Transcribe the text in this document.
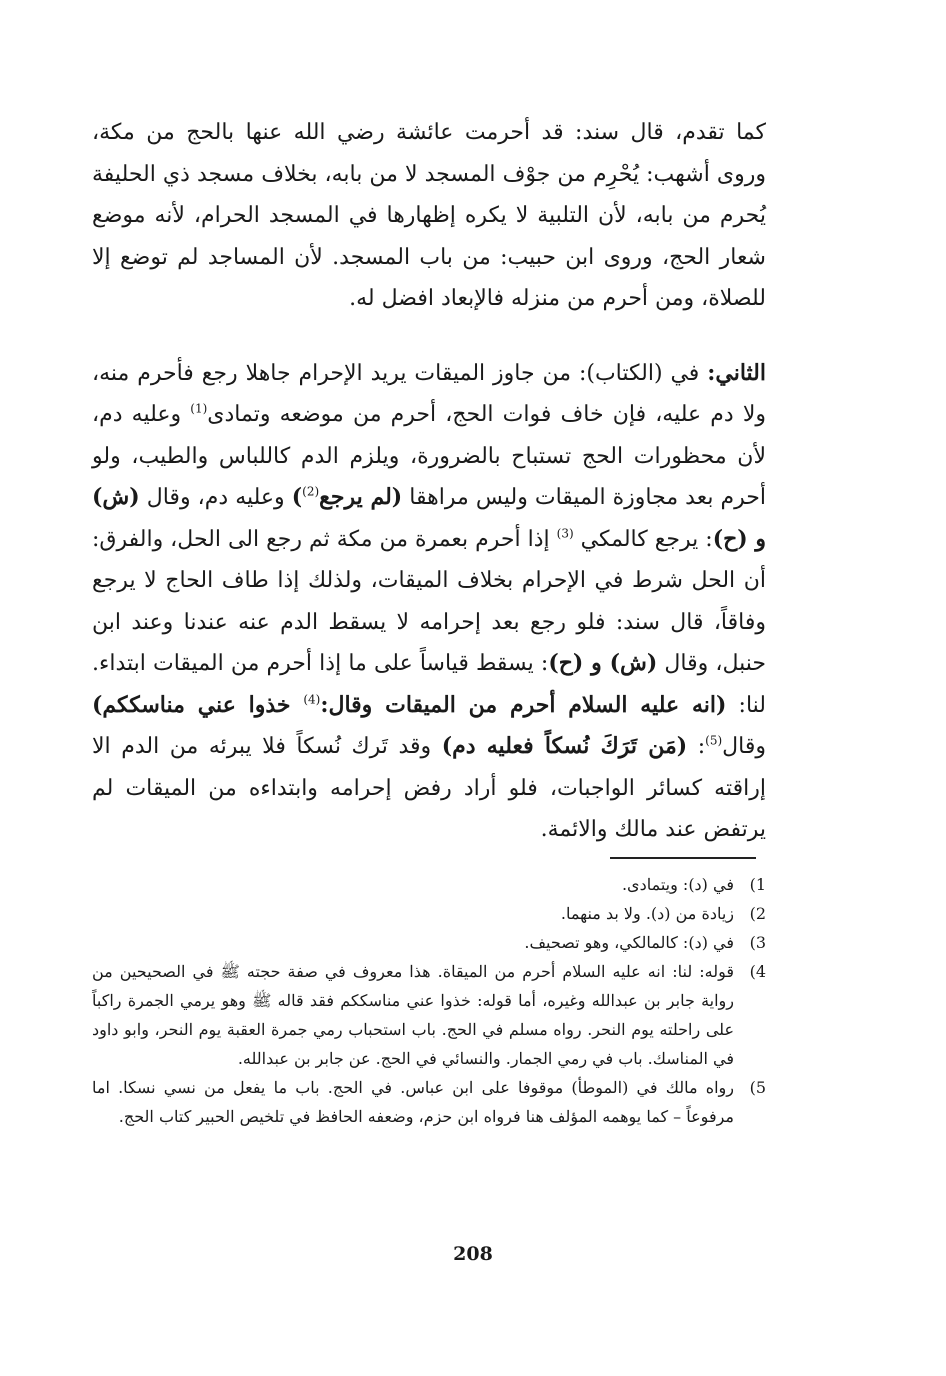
كما تقدم، قال سند: قد أحرمت عائشة رضي الله عنها بالحج من مكة، وروى أشهب: يُحْرِم من جوْف المسجد لا من بابه، بخلاف مسجد ذي الحليفة يُحرم من بابه، لأن التلبية لا يكره إظهارها في المسجد الحرام، لأنه موضع شعار الحج، وروى ابن حبيب: من باب المسجد. لأن المساجد لم توضع إلا للصلاة، ومن أحرم من منزله فالإبعاد افضل له.

الثاني: في (الكتاب): من جاوز الميقات يريد الإحرام جاهلا رجع فأحرم منه، ولا دم عليه، فإن خاف فوات الحج، أحرم من موضعه وتمادى$^{(1)}$ وعليه دم، لأن محظورات الحج تستباح بالضرورة، ويلزم الدم كاللباس والطيب، ولو أحرم بعد مجاوزة الميقات وليس مراهقا (لم يرجع$^{(2)}$) وعليه دم، وقال (ش) و (ح): يرجع كالمكي $^{(3)}$ إذا أحرم بعمرة من مكة ثم رجع الى الحل، والفرق: أن الحل شرط في الإحرام بخلاف الميقات، ولذلك إذا طاف الحاج لا يرجع وفاقاً، قال سند: فلو رجع بعد إحرامه لا يسقط الدم عنه عندنا وعند ابن حنبل، وقال (ش) و (ح): يسقط قياساً على ما إذا أحرم من الميقات ابتداء. لنا: (انه عليه السلام أحرم من الميقات وقال:$^{(4)}$ خذوا عني مناسككم) وقال$^{(5)}$: (مَن تَرَكَ نُسكاً فعليه دم) وقد تَرك نُسكاً فلا يبرئه من الدم الا إراقته كسائر الواجبات، فلو أراد رفض إحرامه وابتداءه من الميقات لم يرتفض عند مالك والائمة.

1)
في (د): ويتمادى.
2)
زيادة من (د). ولا بد منهما.
3)
في (د): كالمالكي، وهو تصحيف.
4)
قوله: لنا: انه عليه السلام أحرم من الميقاة. هذا معروف في صفة حجته ﷺ في الصحيحين من رواية جابر بن عبدالله وغيره، أما قوله: خذوا عني مناسككم فقد قاله ﷺ وهو يرمي الجمرة راكباً على راحلته يوم النحر. رواه مسلم في الحج. باب استحباب رمي جمرة العقبة يوم النحر، وابو داود في المناسك. باب في رمي الجمار. والنسائي في الحج. عن جابر بن عبدالله.
5)
رواه مالك في (الموطأ) موقوفا على ابن عباس. في الحج. باب ما يفعل من نسي نسكا. اما مرفوعاً – كما يوهمه المؤلف هنا فرواه ابن حزم، وضعفه الحافظ في تلخيص الحبير كتاب الحج.
208
